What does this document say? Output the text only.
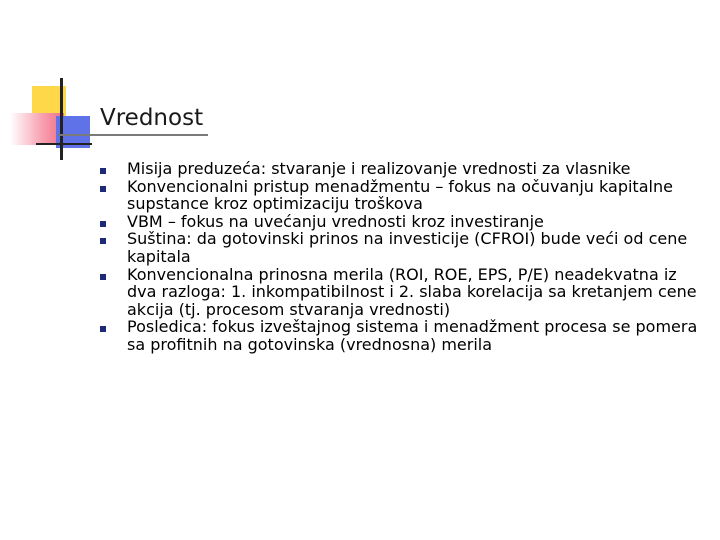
Vrednost
Misija preduzeća: stvaranje i realizovanje vrednosti za vlasnike
Konvencionalni pristup menadžmentu – fokus na očuvanju kapitalne supstance kroz optimizaciju troškova
VBM – fokus na uvećanju vrednosti kroz investiranje
Suština: da gotovinski prinos na investicije (CFROI) bude veći od cene kapitala
Konvencionalna prinosna merila (ROI, ROE, EPS, P/E) neadekvatna iz dva razloga: 1. inkompatibilnost i 2. slaba korelacija sa kretanjem cene akcija (tj. procesom stvaranja vrednosti)
Posledica: fokus izveštajnog sistema i menadžment procesa se pomera sa profitnih na gotovinska (vrednosna) merila
